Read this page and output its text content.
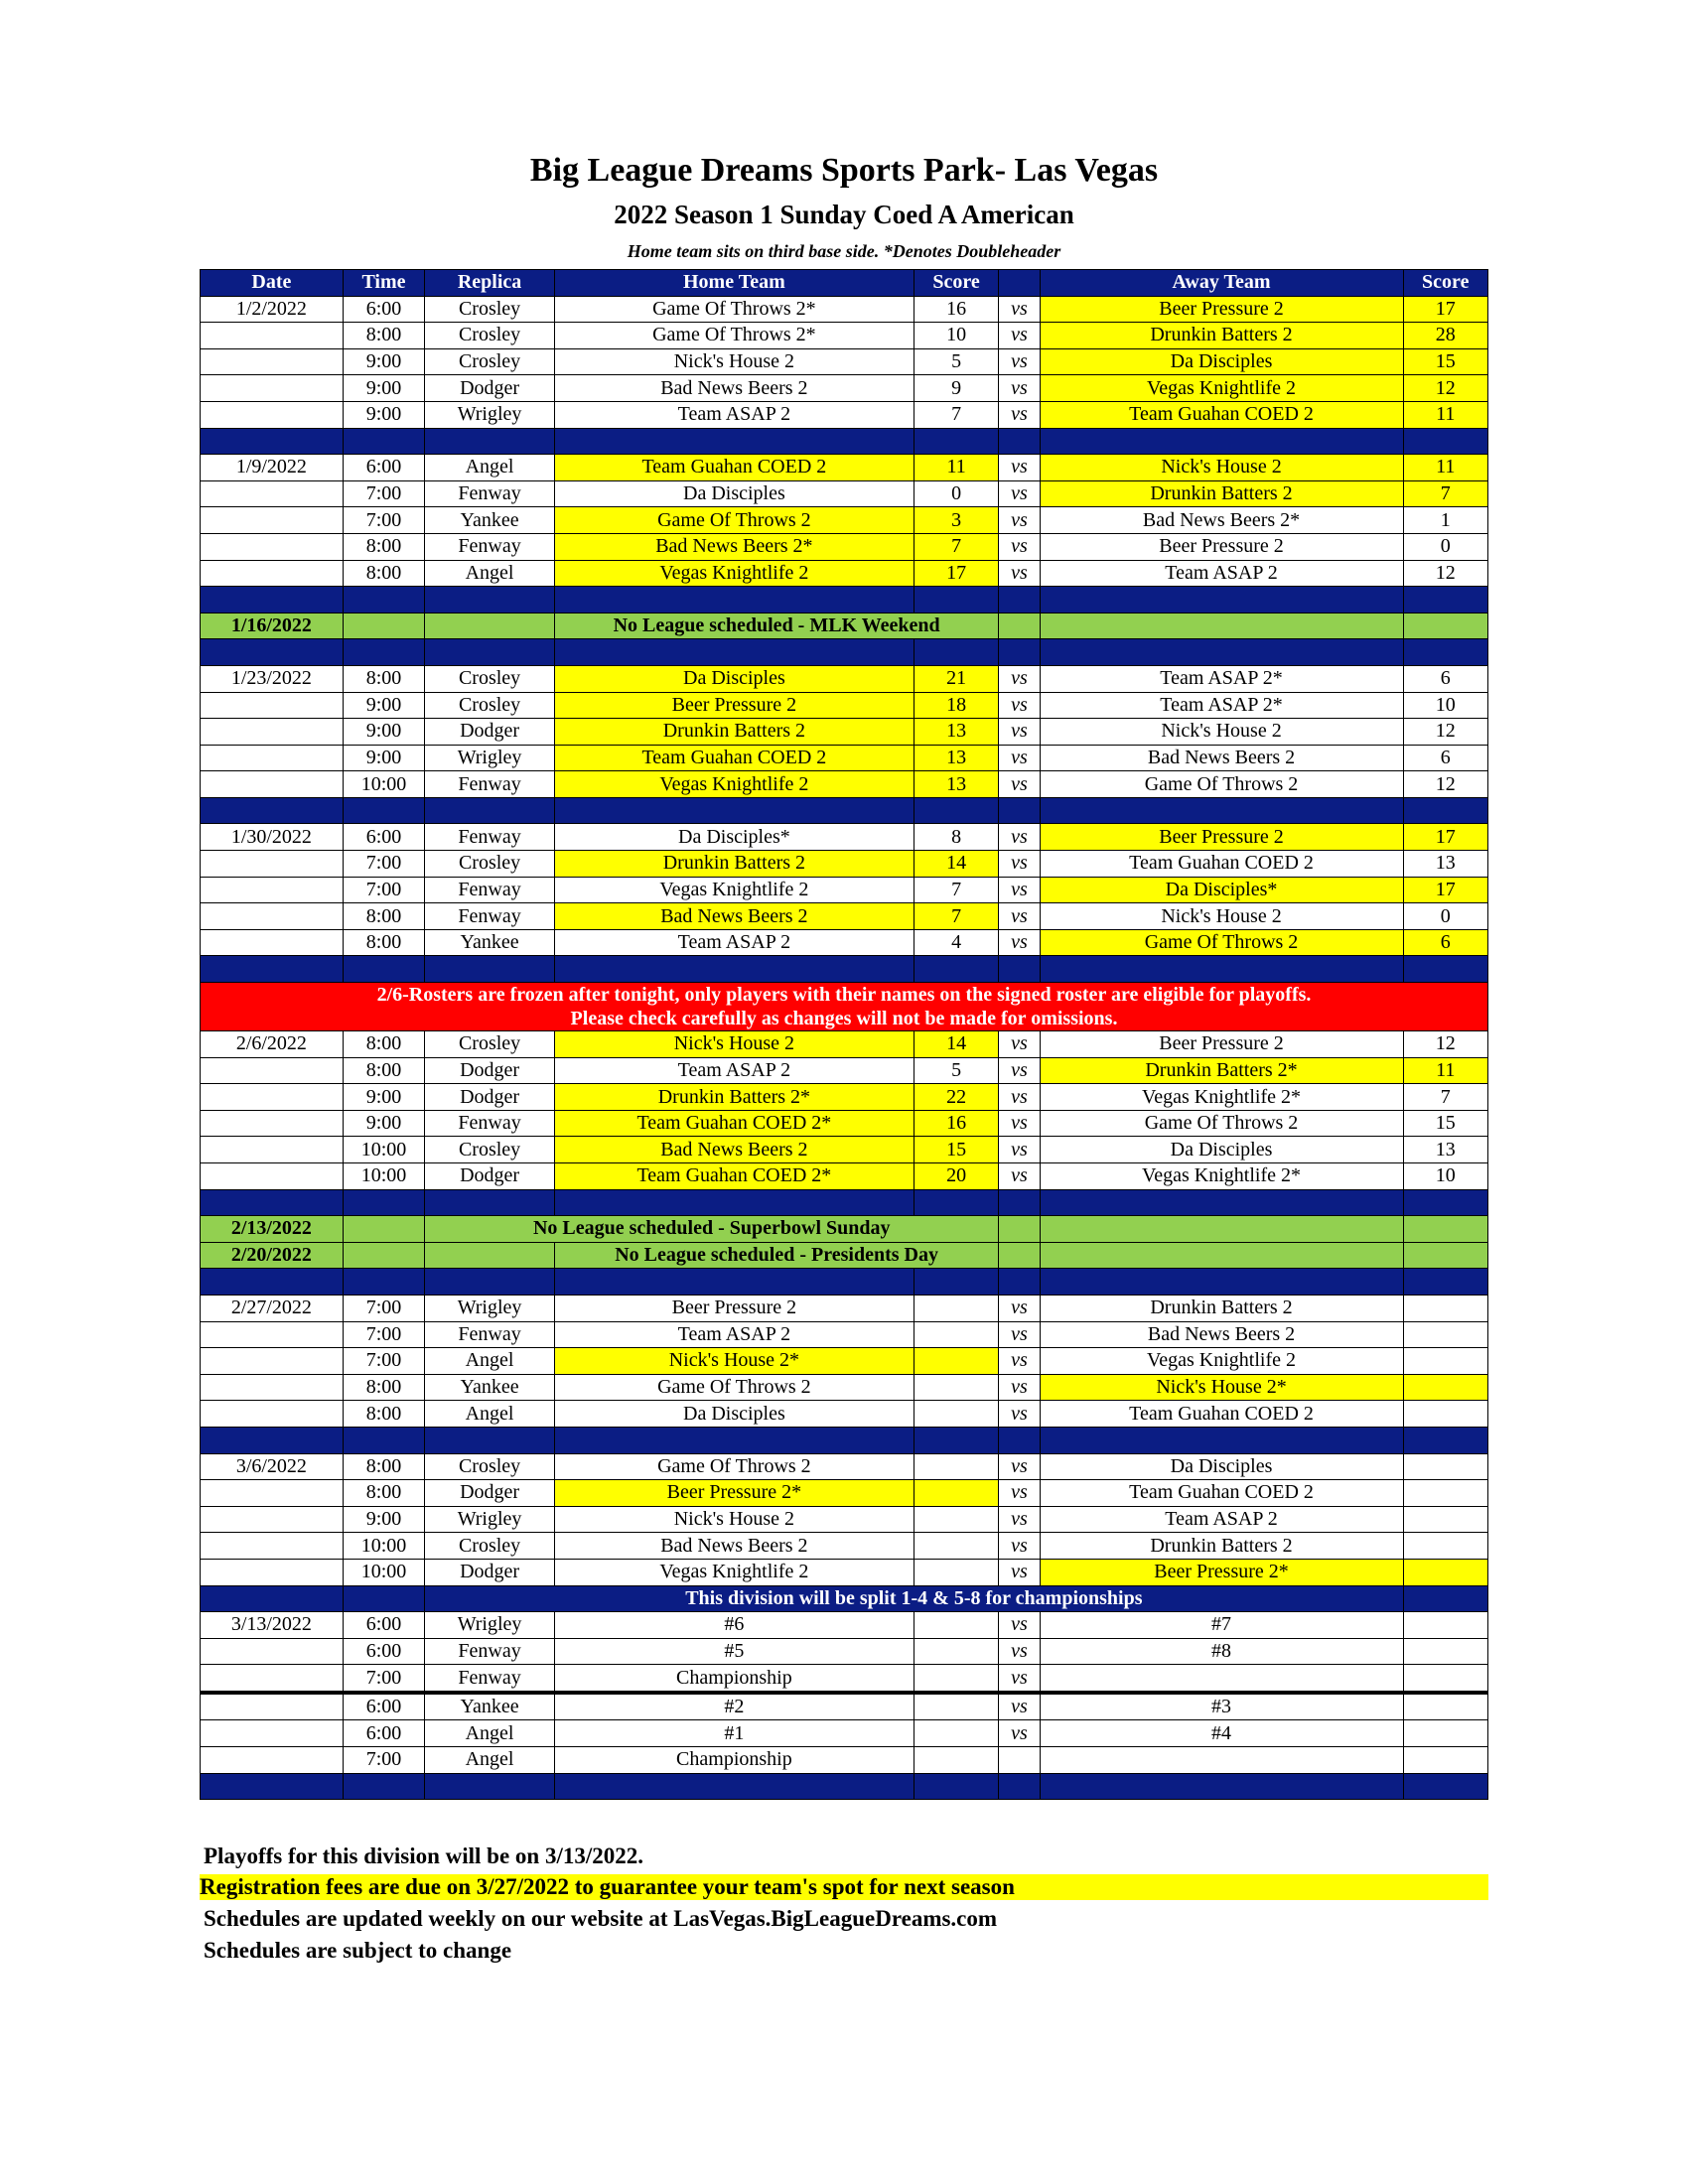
Big League Dreams Sports Park- Las Vegas
2022 Season 1 Sunday Coed A American
Home team sits on third base side. *Denotes Doubleheader
Date	Time	Replica	Home Team	Score		Away Team	Score
1/2/2022	6:00	Crosley	Game Of Throws 2*	16	vs	Beer Pressure 2	17
	8:00	Crosley	Game Of Throws 2*	10	vs	Drunkin Batters 2	28
	9:00	Crosley	Nick's House 2	5	vs	Da Disciples	15
	9:00	Dodger	Bad News Beers 2	9	vs	Vegas Knightlife 2	12
	9:00	Wrigley	Team ASAP 2	7	vs	Team Guahan COED 2	11

1/9/2022	6:00	Angel	Team Guahan COED 2	11	vs	Nick's House 2	11
	7:00	Fenway	Da Disciples	0	vs	Drunkin Batters 2	7
	7:00	Yankee	Game Of Throws 2	3	vs	Bad News Beers 2*	1
	8:00	Fenway	Bad News Beers 2*	7	vs	Beer Pressure 2	0
	8:00	Angel	Vegas Knightlife 2	17	vs	Team ASAP 2	12

1/16/2022			No League scheduled - MLK Weekend				

1/23/2022	8:00	Crosley	Da Disciples	21	vs	Team ASAP 2*	6
	9:00	Crosley	Beer Pressure 2	18	vs	Team ASAP 2*	10
	9:00	Dodger	Drunkin Batters 2	13	vs	Nick's House 2	12
	9:00	Wrigley	Team Guahan COED 2	13	vs	Bad News Beers 2	6
	10:00	Fenway	Vegas Knightlife 2	13	vs	Game Of Throws 2	12

1/30/2022	6:00	Fenway	Da Disciples*	8	vs	Beer Pressure 2	17
	7:00	Crosley	Drunkin Batters 2	14	vs	Team Guahan COED 2	13
	7:00	Fenway	Vegas Knightlife 2	7	vs	Da Disciples*	17
	8:00	Fenway	Bad News Beers 2	7	vs	Nick's House 2	0
	8:00	Yankee	Team ASAP 2	4	vs	Game Of Throws 2	6

2/6-Rosters are frozen after tonight, only players with their names on the signed roster are eligible for playoffs.
Please check carefully as changes will not be made for omissions.							

2/6/2022	8:00	Crosley	Nick's House 2	14	vs	Beer Pressure 2	12
	8:00	Dodger	Team ASAP 2	5	vs	Drunkin Batters 2*	11
	9:00	Dodger	Drunkin Batters 2*	22	vs	Vegas Knightlife 2*	7
	9:00	Fenway	Team Guahan COED 2*	16	vs	Game Of Throws 2	15
	10:00	Crosley	Bad News Beers 2	15	vs	Da Disciples	13
	10:00	Dodger	Team Guahan COED 2*	20	vs	Vegas Knightlife 2*	10

2/13/2022		No League scheduled - Superbowl Sunday					
2/20/2022			No League scheduled - Presidents Day				

2/27/2022	7:00	Wrigley	Beer Pressure 2		vs	Drunkin Batters 2	
	7:00	Fenway	Team ASAP 2		vs	Bad News Beers 2	
	7:00	Angel	Nick's House 2*		vs	Vegas Knightlife 2	
	8:00	Yankee	Game Of Throws 2		vs	Nick's House 2*	
	8:00	Angel	Da Disciples		vs	Team Guahan COED 2	

3/6/2022	8:00	Crosley	Game Of Throws 2		vs	Da Disciples	
	8:00	Dodger	Beer Pressure 2*		vs	Team Guahan COED 2	
	9:00	Wrigley	Nick's House 2		vs	Team ASAP 2	
	10:00	Crosley	Bad News Beers 2		vs	Drunkin Batters 2	
	10:00	Dodger	Vegas Knightlife 2		vs	Beer Pressure 2*	
		This division will be split 1-4 & 5-8 for championships					
3/13/2022	6:00	Wrigley	#6		vs	#7	
	6:00	Fenway	#5		vs	#8	
	7:00	Fenway	Championship		vs		
	6:00	Yankee	#2		vs	#3	
	6:00	Angel	#1		vs	#4	
	7:00	Angel	Championship				

Playoffs for this division will be on 3/13/2022.
Registration fees are due on 3/27/2022 to guarantee your team's spot for next season
Schedules are updated weekly on our website at LasVegas.BigLeagueDreams.com
Schedules are subject to change
